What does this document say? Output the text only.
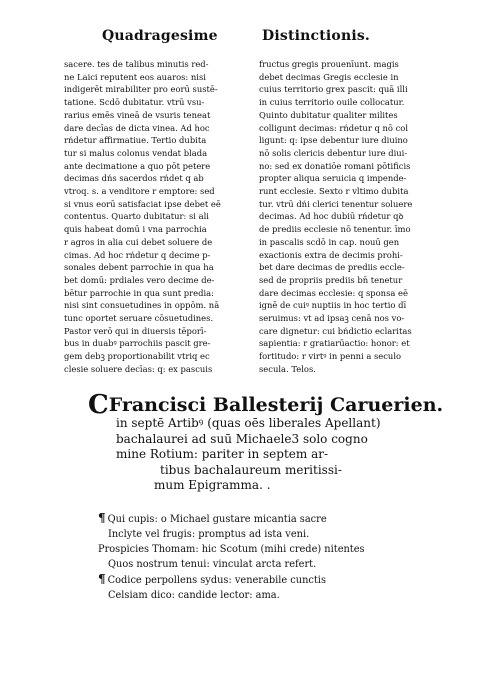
Quadragesime	Distinctionis.
sacere. tes de talibus minutis red-
ne Laici reputent eos auaros: nisi
indigerēt mirabiliter pro eorū sustē-
tatione. Scdō dubitatur. vtrū vsu-
rarius emēs vineā de vsuris teneat
dare decīas de dicta vinea. Ad hoc
rńdetur affirmatiue. Tertio dubita
tur si malus colonus vendat blada
ante decimatione a quo pōt petere
decimas dńs sacerdos rńdet q ab
vtroq. s. a venditore r emptore: sed
si vnus eorū satisfaciat ipse debet eē
contentus. Quarto dubitatur: si ali
quis habeat domū i vna parrochia
r agros in alia cui debet soluere de
cimas. Ad hoc rńdetur q decime p-
sonales debent parrochie in qua ha
bet domū: prdiales vero decime de-
bētur parrochie in qua sunt predia:
nisi sint consuetudines in oppōm. nā
tunc oportet seruare cōsuetudines.
Pastor verō qui in diuersis tēporī-
bus in duabꝰ parrochiis pascit gre-
gem debꝫ proportionabilit vtriq ec
clesie soluere decīas: q: ex pascuis
fructus gregis prouenīunt. magis
debet decimas Gregis ecclesie in
cuius territorio grex pascit: quā illi
in cuius territorio ouile collocatur.
Quinto dubitatur qualiter milites
colligunt decimas: rńdetur q nō col
ligunt: q: ipse debentur iure diuino
nō solis clericis debentur iure diui-
no: sed ex donatiōe romani pōtificis
propter aliqua seruicia q impende-
runt ecclesie. Sexto r vltimo dubita
tur. vtrū dńi clerici tenentur soluere
decimas. Ad hoc dubiū rńdetur qꝺ
de prediis ecclesie nō tenentur. īmo
in pascalis scdō in cap. nouū gen
exactionis extra de decimis prohi-
bet dare decimas de prediis eccle-
sed de propriis prediis bn̄ tenetur
dare decimas ecclesie: q sponsa eē
ignē de cuiꝰ nuptiis in hoc tertio dī
seruimus: vt ad ipsaꝫ cenā nos vo-
care dignetur: cui bńdictio eclaritas
sapientia: r gratiarūactio: honor: et
fortitudo: r virtꝰ in penni a seculo
secula. Telos.
CFrancisci Ballesterij Caruerien.
in septē Artibꝰ (quas oēs liberales Apellant)
bachalaurei ad suū Michaele3 solo cogno
mine Rotium: pariter in septem ar-
tibus bachalaureum meritissi-
mum Epigramma. .
¶ Qui cupis: o Michael gustare micantia sacre
Inclyte vel frugis: promptus ad ista veni.
Prospicies Thomam: hic Scotum (mihi crede) nitentes
Quos nostrum tenui: vinculat arcta refert.
¶ Codice perpollens sydus: venerabile cunctis
Celsiam dico: candide lector: ama.
